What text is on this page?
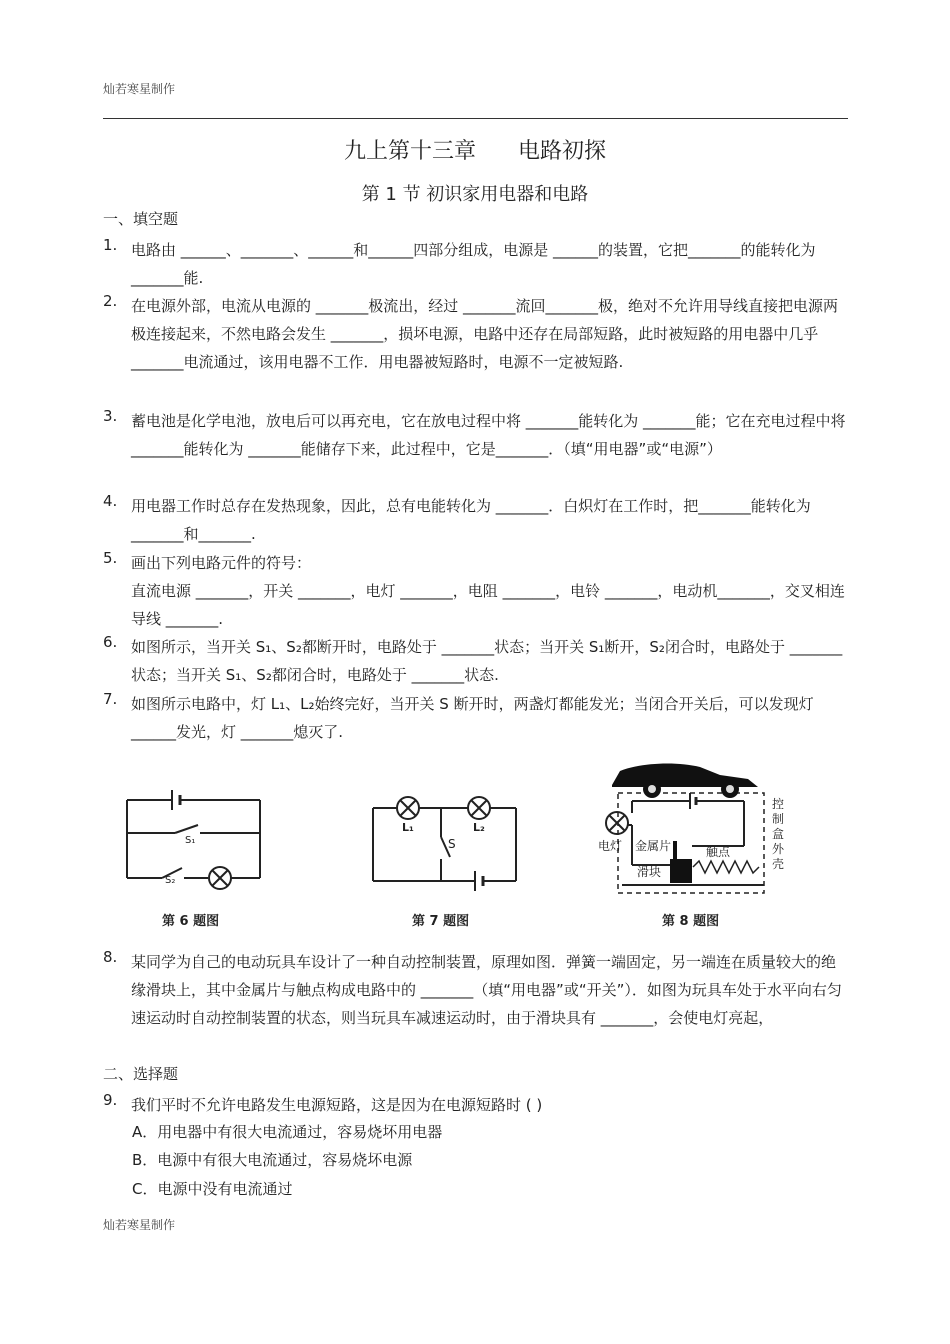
灿若寒星制作
九上第十三章 电路初探
第 1 节 初识家用电器和电路
一、填空题
1. 电路由 ______、_______、______和______四部分组成，电源是 ______的装置，它把_______的能转化为 _______能.
2. 在电源外部，电流从电源的 _______极流出，经过 _______流回_______极，绝对不允许用导线直接把电源两极连接起来，不然电路会发生 _______，损坏电源，电路中还存在局部短路，此时被短路的用电器中几乎 _______电流通过，该用电器不工作．用电器被短路时，电源不一定被短路.
3. 蓄电池是化学电池，放电后可以再充电，它在放电过程中将 _______能转化为 _______能；它在充电过程中将 _______能转化为 _______能储存下来，此过程中，它是_______．（填“用电器”或“电源”）
4. 用电器工作时总存在发热现象，因此，总有电能转化为 _______．白炽灯在工作时，把_______能转化为 _______和_______.
5. 画出下列电路元件的符号：
直流电源 _______，开关 _______，电灯 _______，电阻 _______，电铃 _______，电动机_______，交叉相连导线 _______.
6. 如图所示，当开关 S₁、S₂都断开时，电路处于 _______状态；当开关 S₁断开，S₂闭合时，电路处于 _______状态；当开关 S₁、S₂都闭合时，电路处于 _______状态.
7. 如图所示电路中，灯 L₁、L₂始终完好，当开关 S 断开时，两盏灯都能发光；当闭合开关后，可以发现灯 ______发光，灯 _______熄灭了.
第 6 题图	第 7 题图	第 8 题图
S₁
S₂
L₁	L₂
S	电灯 金属片	触点
滑块
控制盒外壳
8. 某同学为自己的电动玩具车设计了一种自动控制装置，原理如图．弹簧一端固定，另一端连在质量较大的绝缘滑块上，其中金属片与触点构成电路中的 _______（填“用电器”或“开关”）．如图为玩具车处于水平向右匀速运动时自动控制装置的状态，则当玩具车减速运动时，由于滑块具有 _______，会使电灯亮起，
二、选择题
9. 我们平时不允许电路发生电源短路，这是因为在电源短路时 ( )
A．用电器中有很大电流通过，容易烧坏用电器
B．电源中有很大电流通过，容易烧坏电源
C．电源中没有电流通过
灿若寒星制作
